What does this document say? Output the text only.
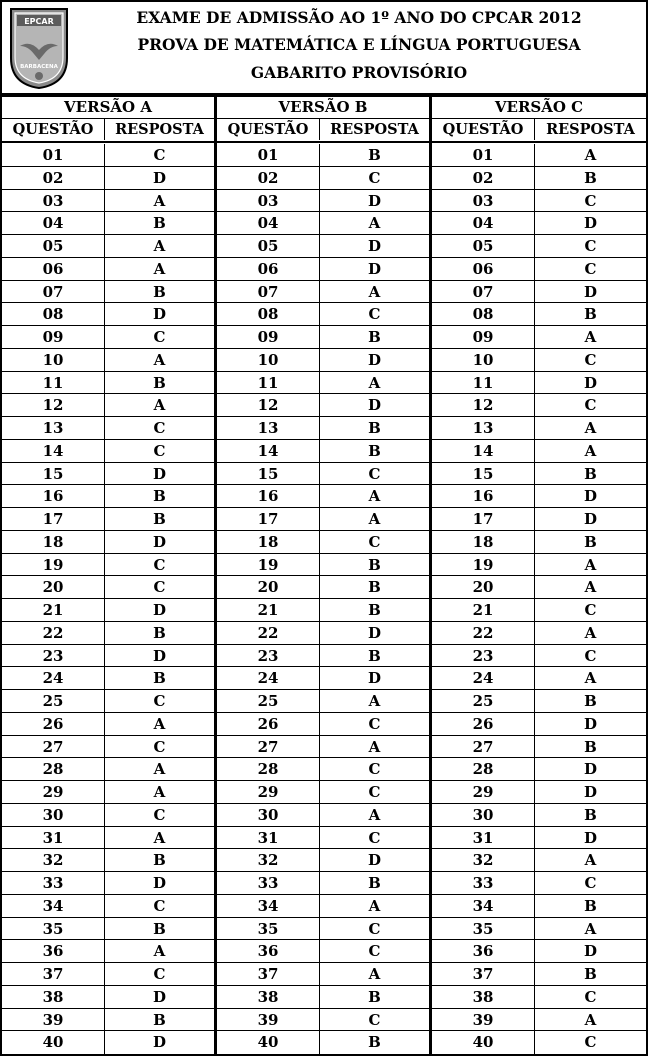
EPCAR
BARBACENA
EXAME DE ADMISSÃO AO 1º ANO DO CPCAR 2012
PROVA DE MATEMÁTICA E LÍNGUA PORTUGUESA
GABARITO PROVISÓRIO
VERSÃO A
QUESTÃO	RESPOSTA
01	C
02	D
03	A
04	B
05	A
06	A
07	B
08	D
09	C
10	A
11	B
12	A
13	C
14	C
15	D
16	B
17	B
18	D
19	C
20	C
21	D
22	B
23	D
24	B
25	C
26	A
27	C
28	A
29	A
30	C
31	A
32	B
33	D
34	C
35	B
36	A
37	C
38	D
39	B
40	D
VERSÃO B
QUESTÃO	RESPOSTA
01	B
02	C
03	D
04	A
05	D
06	D
07	A
08	C
09	B
10	D
11	A
12	D
13	B
14	B
15	C
16	A
17	A
18	C
19	B
20	B
21	B
22	D
23	B
24	D
25	A
26	C
27	A
28	C
29	C
30	A
31	C
32	D
33	B
34	A
35	C
36	C
37	A
38	B
39	C
40	B
VERSÃO C
QUESTÃO	RESPOSTA
01	A
02	B
03	C
04	D
05	C
06	C
07	D
08	B
09	A
10	C
11	D
12	C
13	A
14	A
15	B
16	D
17	D
18	B
19	A
20	A
21	C
22	A
23	C
24	A
25	B
26	D
27	B
28	D
29	D
30	B
31	D
32	A
33	C
34	B
35	A
36	D
37	B
38	C
39	A
40	C
